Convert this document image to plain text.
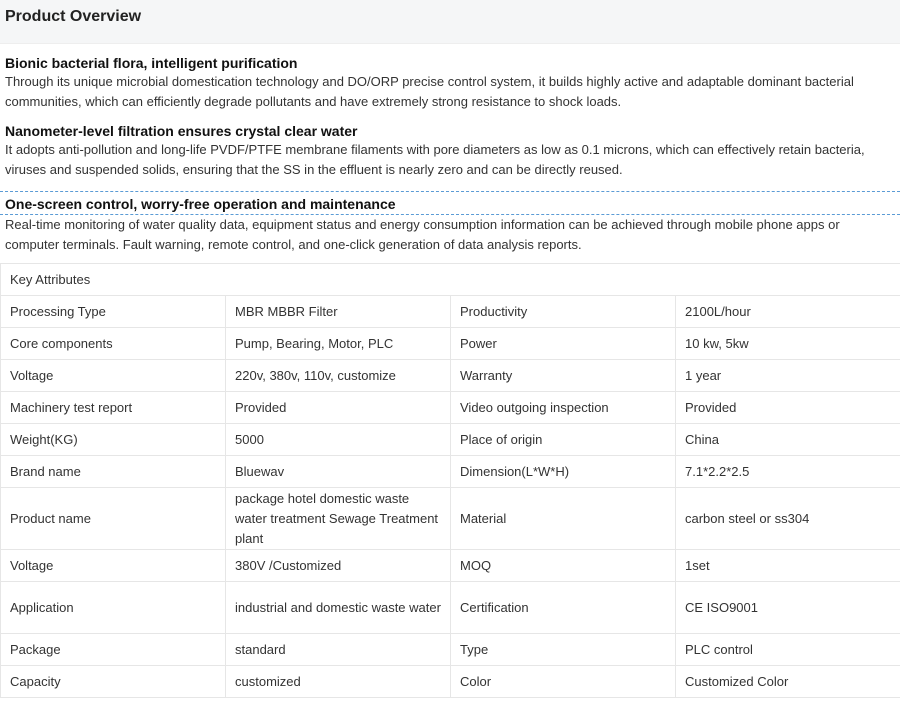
Product Overview
Bionic bacterial flora, intelligent purification
Through its unique microbial domestication technology and DO/ORP precise control system, it builds highly active and adaptable dominant bacterial communities, which can efficiently degrade pollutants and have extremely strong resistance to shock loads.
Nanometer-level filtration ensures crystal clear water
It adopts anti-pollution and long-life PVDF/PTFE membrane filaments with pore diameters as low as 0.1 microns, which can effectively retain bacteria, viruses and suspended solids, ensuring that the SS in the effluent is nearly zero and can be directly reused.
One-screen control, worry-free operation and maintenance
Real-time monitoring of water quality data, equipment status and energy consumption information can be achieved through mobile phone apps or computer terminals. Fault warning, remote control, and one-click generation of data analysis reports.
Key Attributes			
Processing Type	MBR MBBR Filter	Productivity	2100L/hour
Core components	Pump, Bearing, Motor, PLC	Power	10 kw, 5kw
Voltage	220v, 380v, 110v, customize	Warranty	1 year
Machinery test report	Provided	Video outgoing inspection	Provided
Weight(KG)	5000	Place of origin	China
Brand name	Bluewav	Dimension(L*W*H)	7.1*2.2*2.5
Product name	package hotel domestic waste water treatment Sewage Treatment plant	Material	carbon steel or ss304
Voltage	380V /Customized	MOQ	1set
Application	industrial and domestic waste water	Certification	CE ISO9001
Package	standard	Type	PLC control
Capacity	customized	Color	Customized Color
